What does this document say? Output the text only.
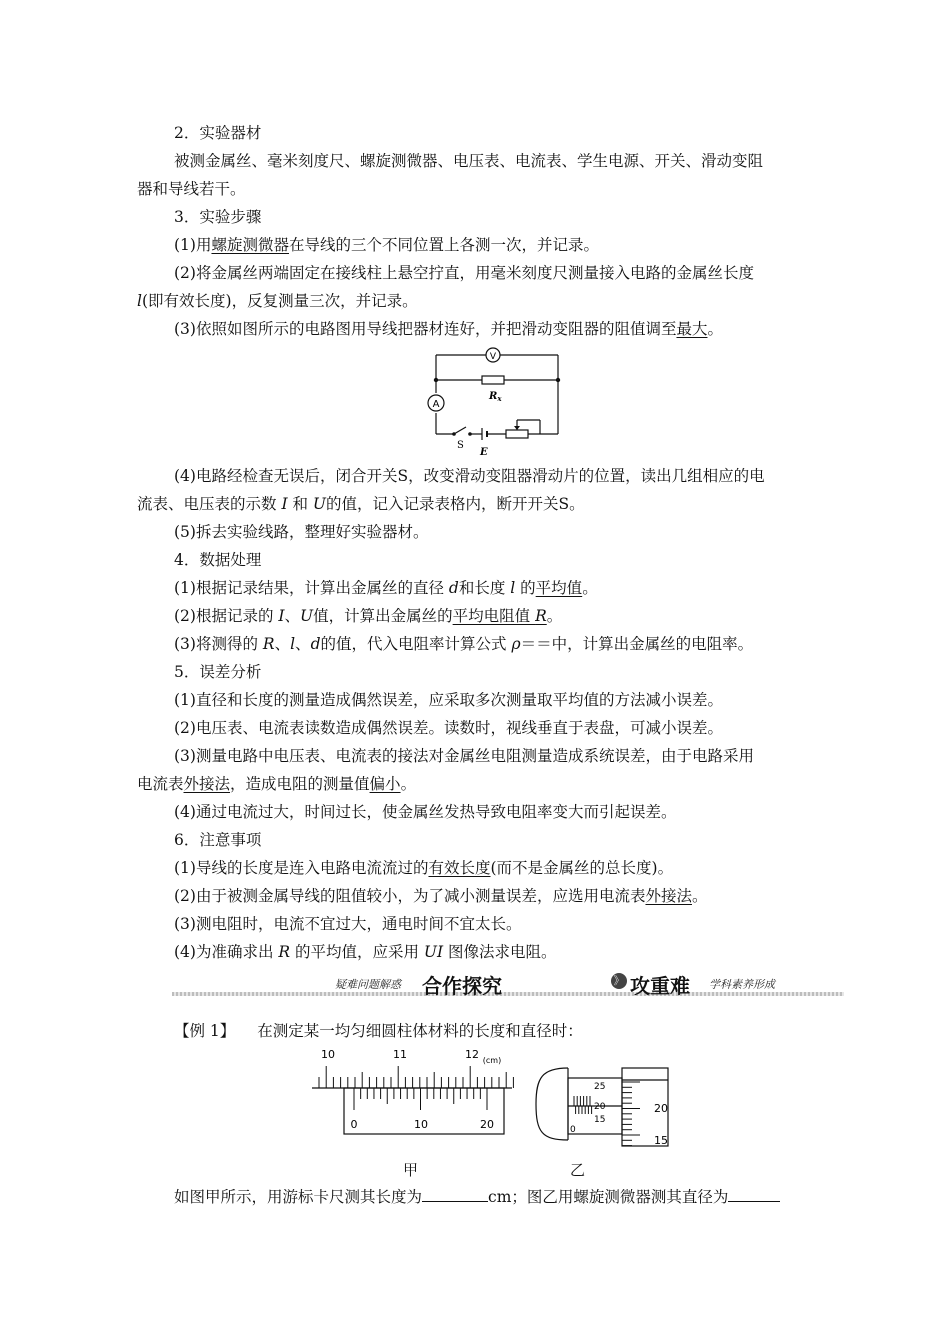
2．实验器材
被测金属丝、毫米刻度尺、螺旋测微器、电压表、电流表、学生电源、开关、滑动变阻
器和导线若干。
3．实验步骤
(1)用螺旋测微器在导线的三个不同位置上各测一次，并记录。
(2)将金属丝两端固定在接线柱上悬空拧直，用毫米刻度尺测量接入电路的金属丝长度
l(即有效长度)，反复测量三次，并记录。
(3)依照如图所示的电路图用导线把器材连好，并把滑动变阻器的阻值调至最大。
V
A
$R_x$
S
E
(4)电路经检查无误后，闭合开关S，改变滑动变阻器滑动片的位置，读出几组相应的电
流表、电压表的示数 I 和 U的值，记入记录表格内，断开开关S。
(5)拆去实验线路，整理好实验器材。
4．数据处理
(1)根据记录结果，计算出金属丝的直径 d和长度 l 的平均值。
(2)根据记录的 I、U值，计算出金属丝的平均电阻值 R。
(3)将测得的 R、l、d的值，代入电阻率计算公式 ρ＝＝中，计算出金属丝的电阻率。
5．误差分析
(1)直径和长度的测量造成偶然误差，应采取多次测量取平均值的方法减小误差。
(2)电压表、电流表读数造成偶然误差。读数时，视线垂直于表盘，可减小误差。
(3)测量电路中电压表、电流表的接法对金属丝电阻测量造成系统误差，由于电路采用
电流表外接法，造成电阻的测量值偏小。
(4)通过电流过大，时间过长，使金属丝发热导致电阻率变大而引起误差。
6．注意事项
(1)导线的长度是连入电路电流流过的有效长度(而不是金属丝的总长度)。
(2)由于被测金属导线的阻值较小，为了减小测量误差，应选用电流表外接法。
(3)测电阻时，电流不宜过大，通电时间不宜太长。
(4)为准确求出 R 的平均值，应采用 UI 图像法求电阻。
疑难问题解惑 合作探究	》 攻重难 学科素养形成
【例 1】 在测定某一均匀细圆柱体材料的长度和直径时：
10	11	12 (cm)
0	10	20
25
20
15
0
20
15
甲	乙
如图甲所示，用游标卡尺测其长度为	cm；图乙用螺旋测微器测其直径为
